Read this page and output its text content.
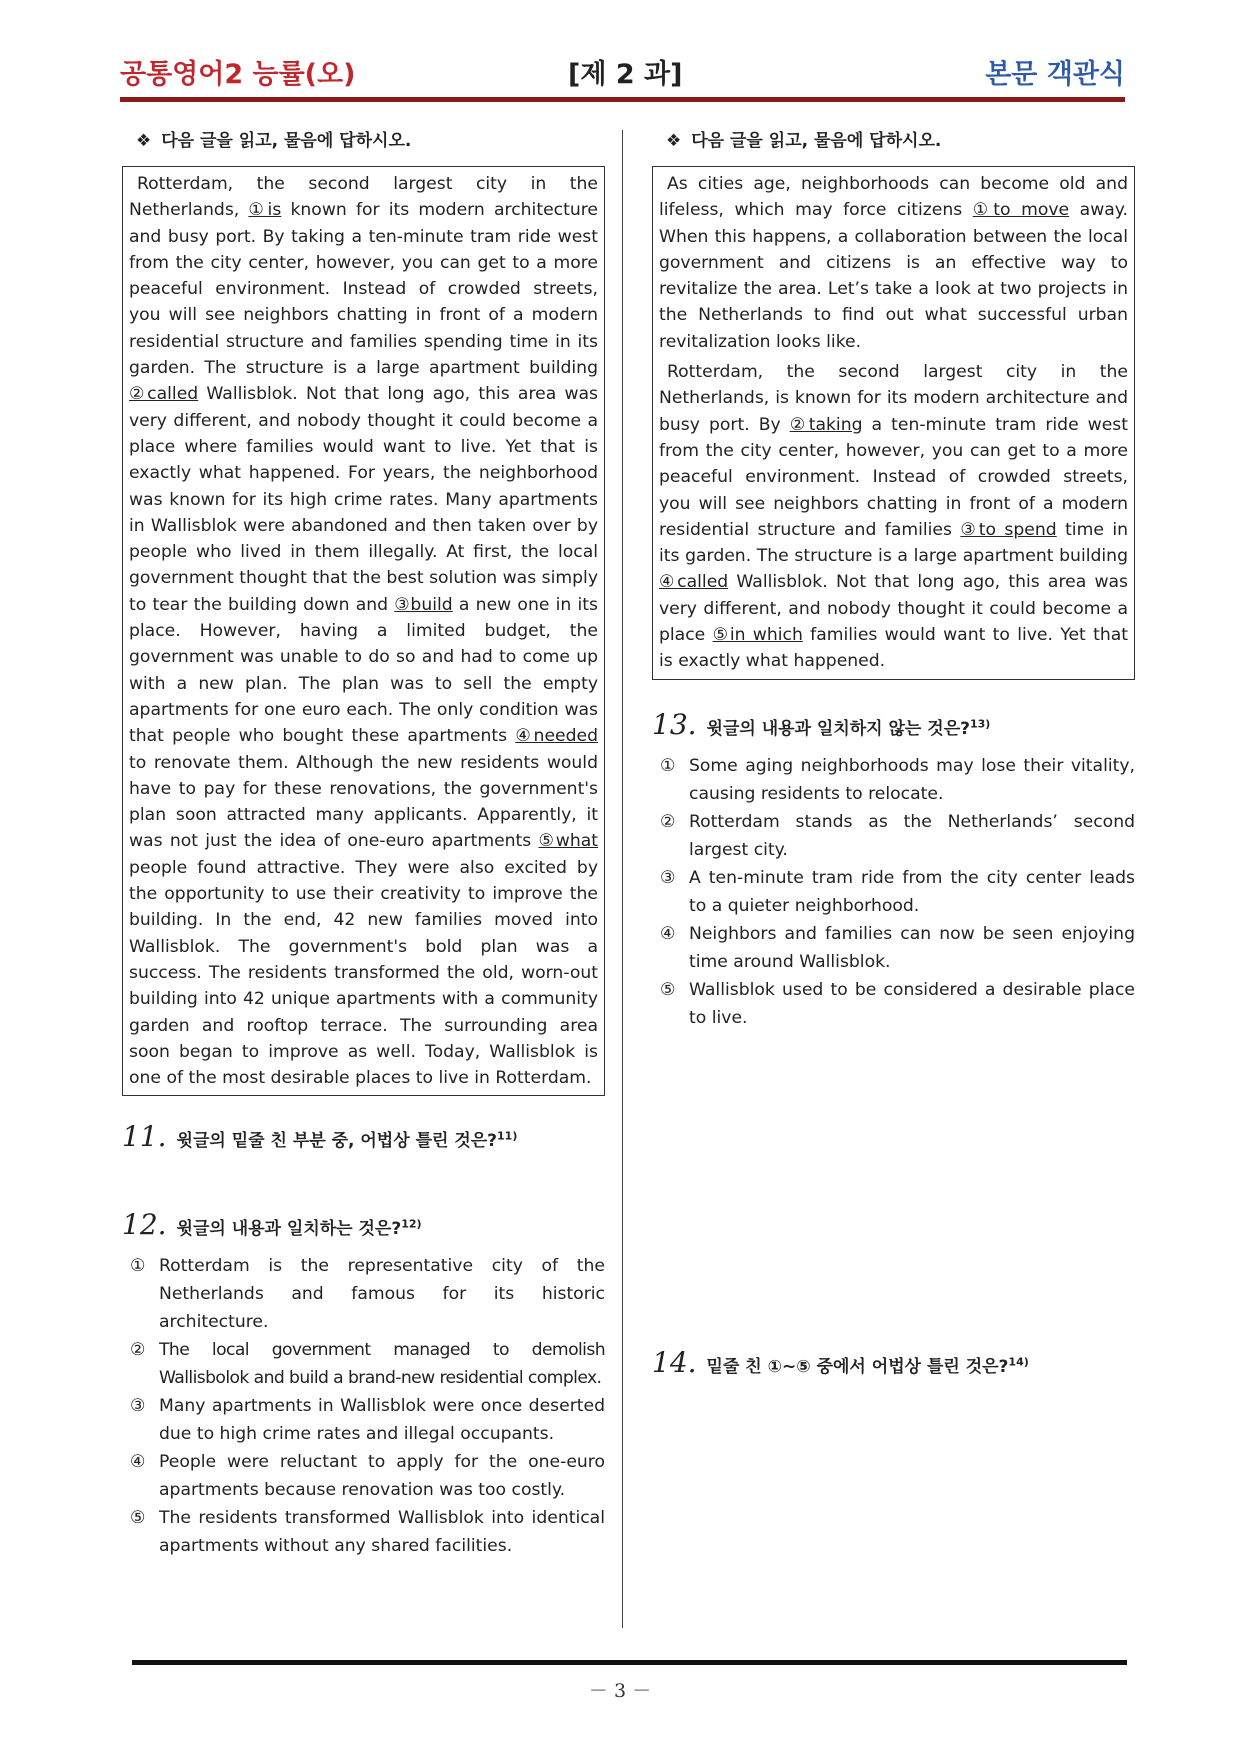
공통영어2 능률(오)	[제 2 과]	본문 객관식
❖ 다음 글을 읽고, 물음에 답하시오.

Rotterdam, the second largest city in the Netherlands, ①is known for its modern architecture and busy port. By taking a ten-minute tram ride west from the city center, however, you can get to a more peaceful environment. Instead of crowded streets, you will see neighbors chatting in front of a modern residential structure and families spending time in its garden. The structure is a large apartment building ②called Wallisblok. Not that long ago, this area was very different, and nobody thought it could become a place where families would want to live. Yet that is exactly what happened. For years, the neighborhood was known for its high crime rates. Many apartments in Wallisblok were abandoned and then taken over by people who lived in them illegally. At first, the local government thought that the best solution was simply to tear the building down and ③build a new one in its place. However, having a limited budget, the government was unable to do so and had to come up with a new plan. The plan was to sell the empty apartments for one euro each. The only condition was that people who bought these apartments ④needed to renovate them. Although the new residents would have to pay for these renovations, the government's plan soon attracted many applicants. Apparently, it was not just the idea of one-euro apartments ⑤what people found attractive. They were also excited by the opportunity to use their creativity to improve the building. In the end, 42 new families moved into Wallisblok. The government's bold plan was a success. The residents transformed the old, worn-out building into 42 unique apartments with a community garden and rooftop terrace. The surrounding area soon began to improve as well. Today, Wallisblok is one of the most desirable places to live in Rotterdam.

11. 윗글의 밑줄 친 부분 중, 어법상 틀린 것은?$^{11)}$
12. 윗글의 내용과 일치하는 것은?$^{12)}$
① Rotterdam is the representative city of the Netherlands and famous for its historic architecture.
② The local government managed to demolish Wallisbolok and build a brand-new residential complex.
③ Many apartments in Wallisblok were once deserted due to high crime rates and illegal occupants.
④ People were reluctant to apply for the one-euro apartments because renovation was too costly.
⑤ The residents transformed Wallisblok into identical apartments without any shared facilities.
❖ 다음 글을 읽고, 물음에 답하시오.

As cities age, neighborhoods can become old and lifeless, which may force citizens ①to move away. When this happens, a collaboration between the local government and citizens is an effective way to revitalize the area. Let’s take a look at two projects in the Netherlands to find out what successful urban revitalization looks like.

Rotterdam, the second largest city in the Netherlands, is known for its modern architecture and busy port. By ②taking a ten-minute tram ride west from the city center, however, you can get to a more peaceful environment. Instead of crowded streets, you will see neighbors chatting in front of a modern residential structure and families ③to spend time in its garden. The structure is a large apartment building ④called Wallisblok. Not that long ago, this area was very different, and nobody thought it could become a place ⑤in which families would want to live. Yet that is exactly what happened.

13. 윗글의 내용과 일치하지 않는 것은?$^{13)}$
① Some aging neighborhoods may lose their vitality, causing residents to relocate.
② Rotterdam stands as the Netherlands’ second largest city.
③ A ten-minute tram ride from the city center leads to a quieter neighborhood.
④ Neighbors and families can now be seen enjoying time around Wallisblok.
⑤ Wallisblok used to be considered a desirable place to live.
14. 밑줄 친 ①~⑤ 중에서 어법상 틀린 것은?$^{14)}$
－ 3 －
